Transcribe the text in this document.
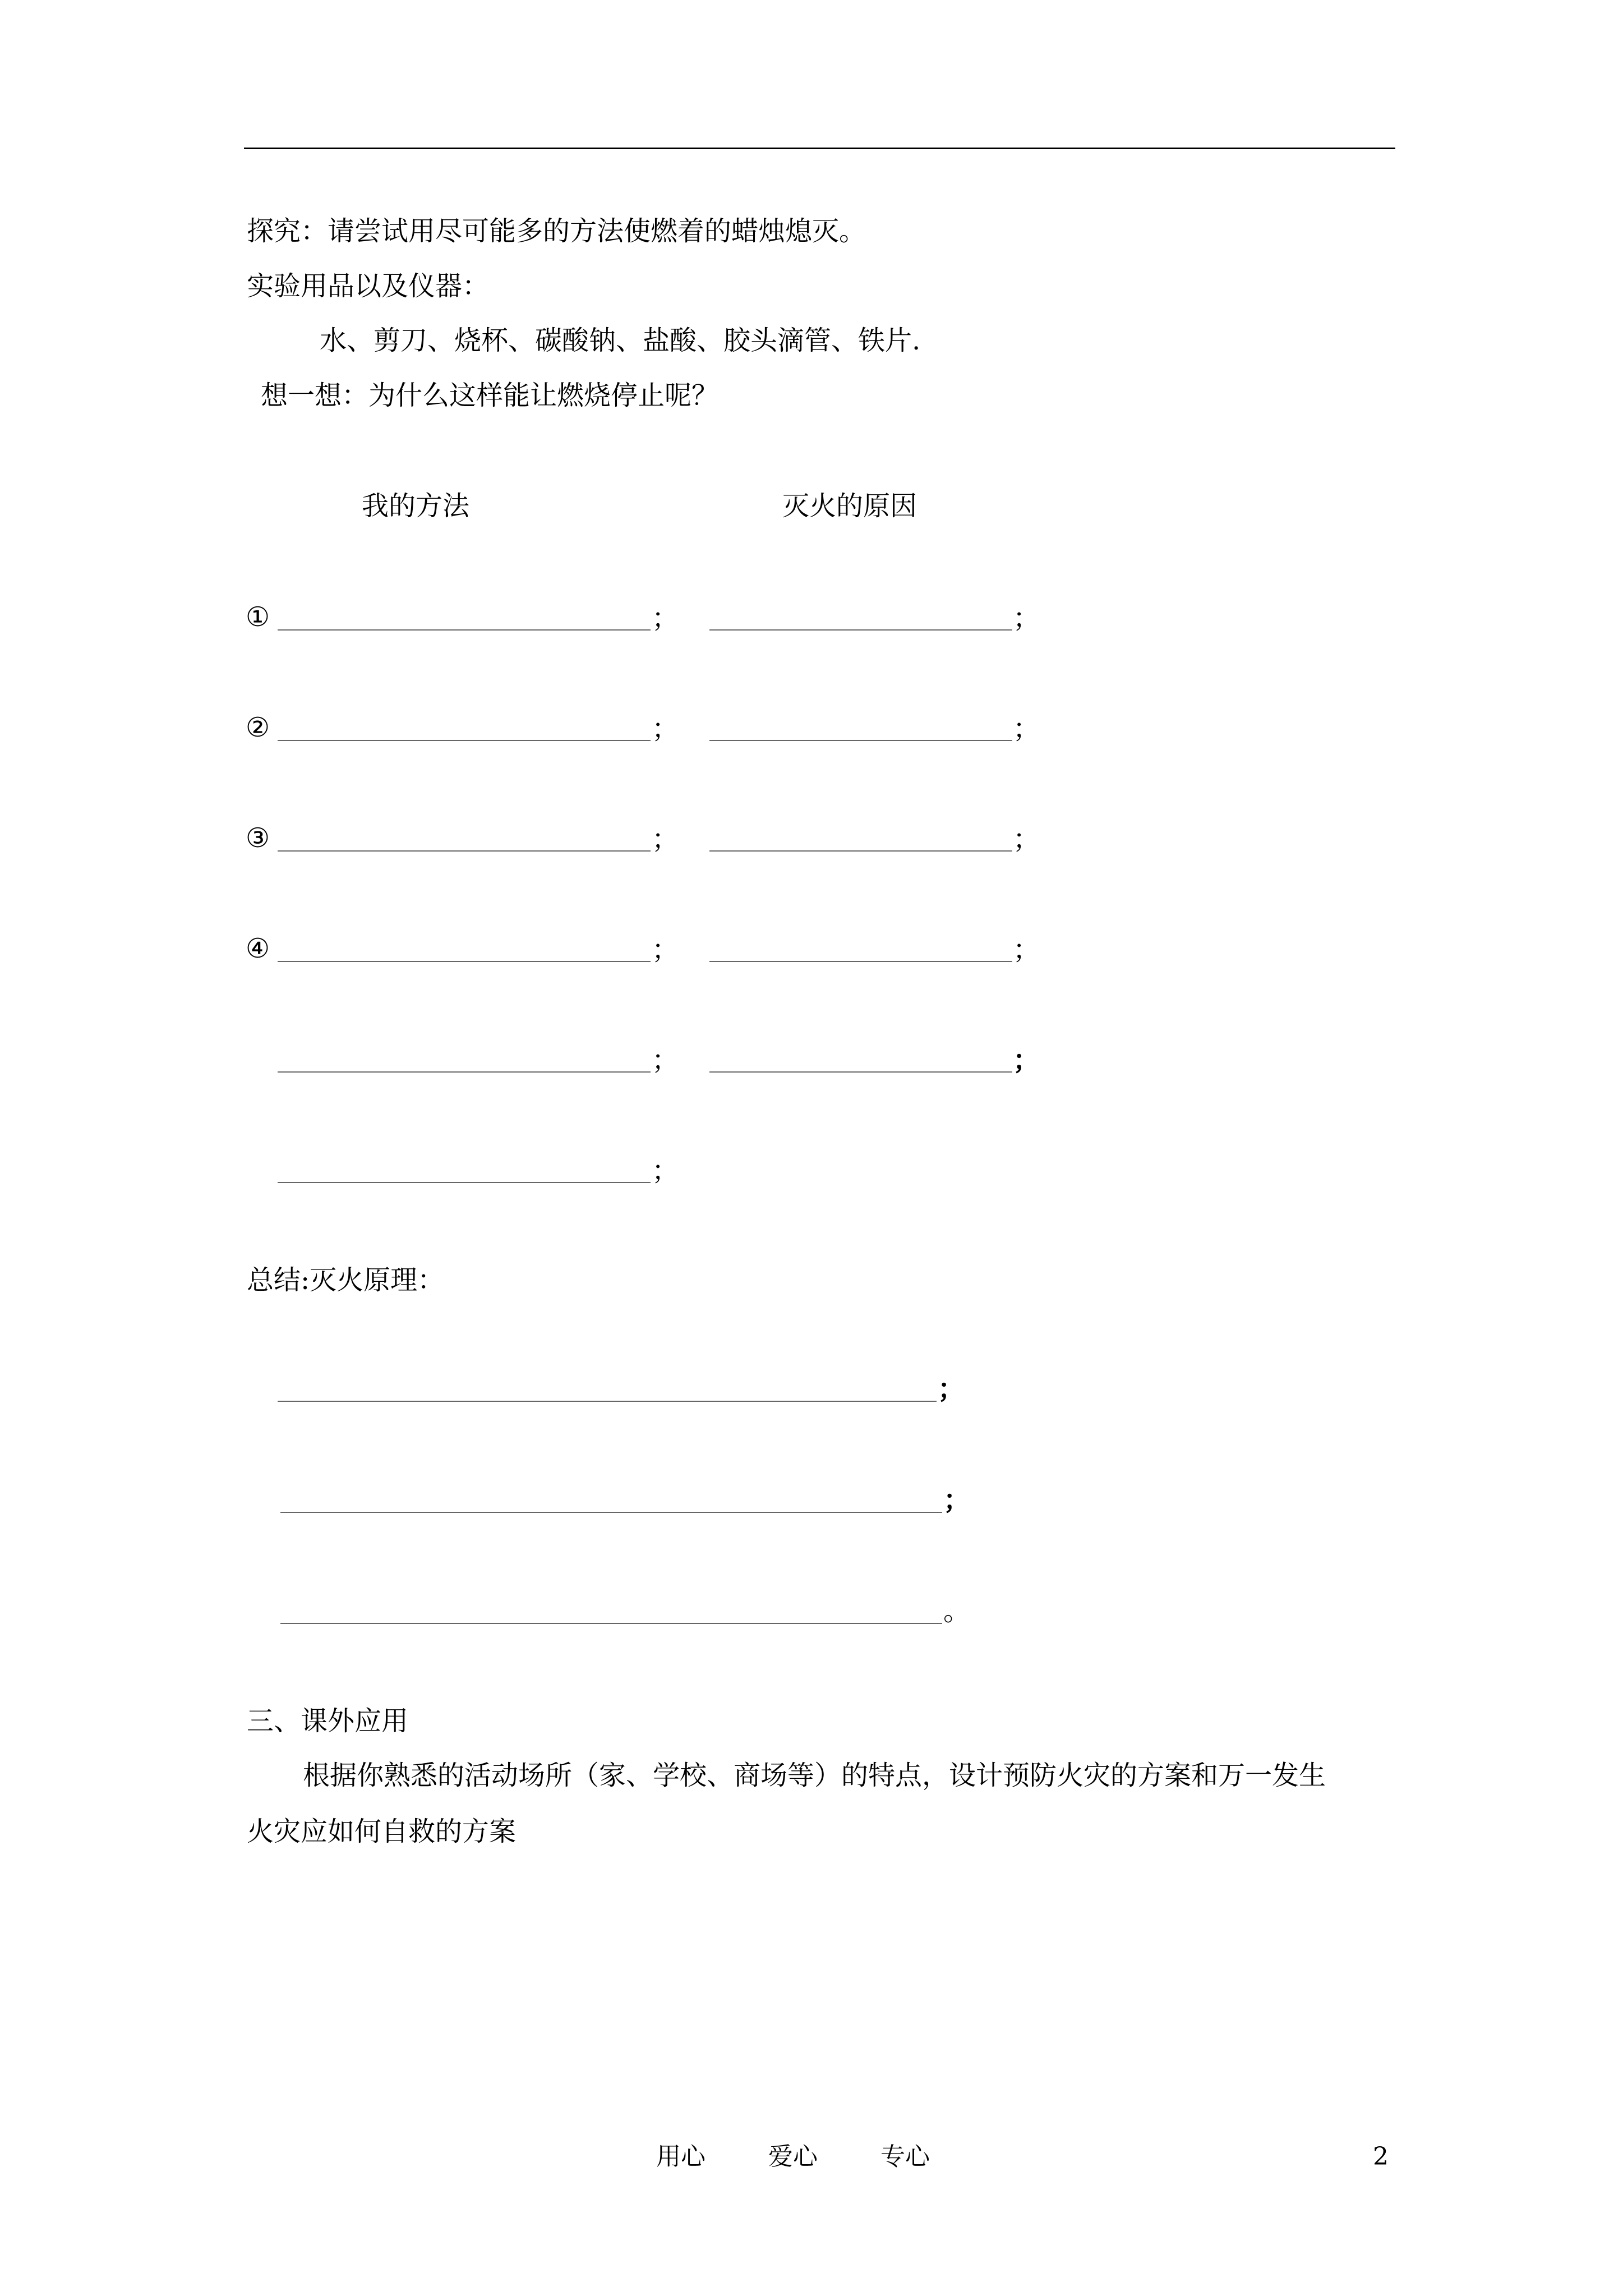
探究：请尝试用尽可能多的方法使燃着的蜡烛熄灭。
实验用品以及仪器：
水、剪刀、烧杯、碳酸钠、盐酸、胶头滴管、铁片.
想一想：为什么这样能让燃烧停止呢？
我的方法	灭火的原因
①	；	；
②	；	；
③	；	；
④	；	；
；	；
；
总结:灭火原理：
；
；
。
三、课外应用
根据你熟悉的活动场所（家、学校、商场等）的特点，设计预防火灾的方案和万一发生
火灾应如何自救的方案
用心	爱心	专心	2
